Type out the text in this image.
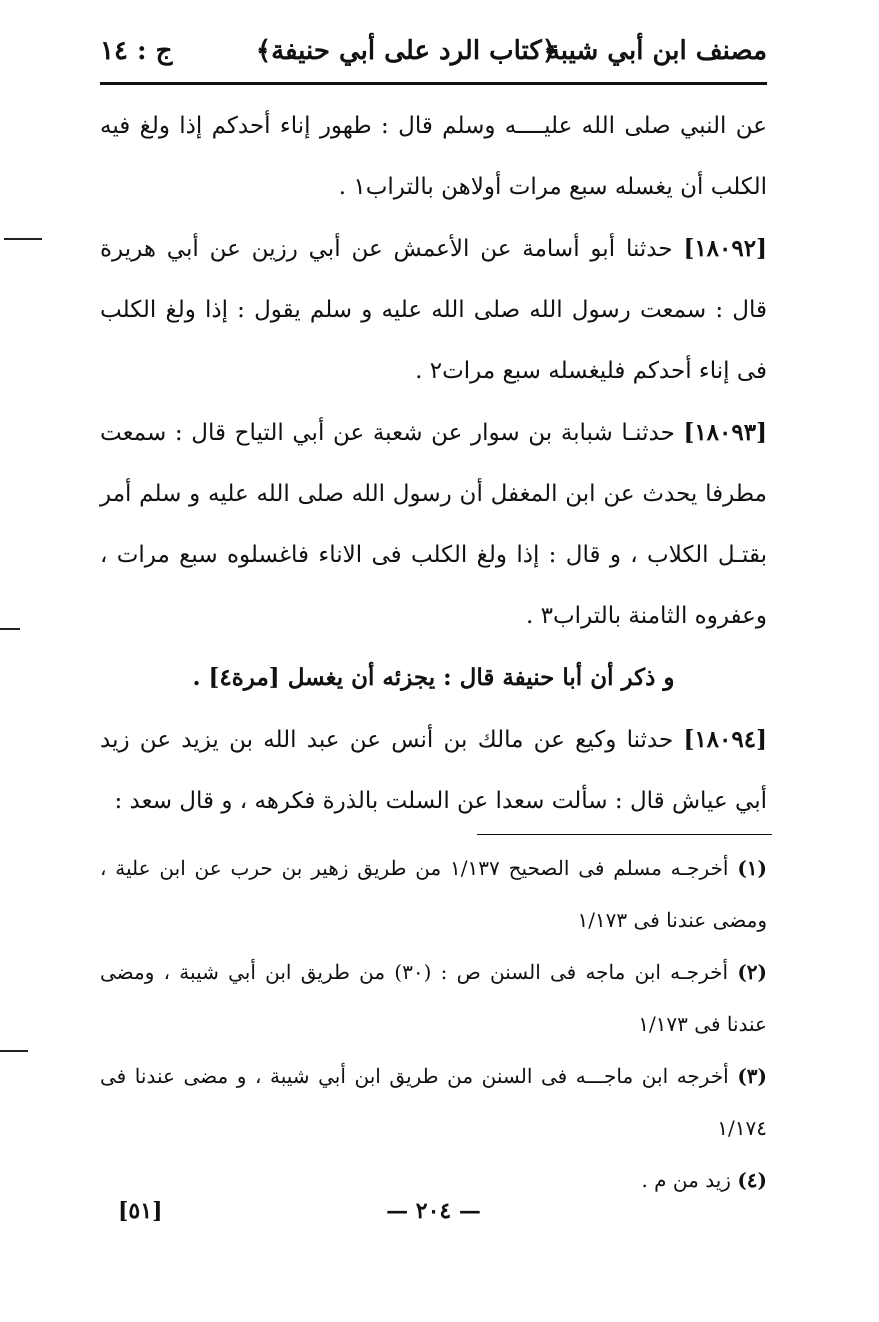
مصنف ابن أبي شيبة
﴿كتاب الرد على أبي حنيفة﴾
ج : ١٤

عن النبي صلى الله عليــــه وسلم قال : طهور إناء أحدكم إذا ولغ فيه الكلب أن يغسله سبع مرات أولاهن بالتراب١ .

[١٨٠٩٢] حدثنا أبو أسامة عن الأعمش عن أبي رزين عن أبي هريرة قال : سمعت رسول الله صلى الله عليه و سلم يقول : إذا ولغ الكلب فى إناء أحدكم فليغسله سبع مرات٢ .

[١٨٠٩٣] حدثنـا شبابة بن سوار عن شعبة عن أبي التياح قال : سمعت مطرفا يحدث عن ابن المغفل أن رسول الله صلى الله عليه و سلم أمر بقتـل الكلاب ، و قال : إذا ولغ الكلب فى الاناء فاغسلوه سبع مرات ، وعفروه الثامنة بالتراب٣ .

و ذكر أن أبا حنيفة قال : يجزئه أن يغسل [مرة٤] .

[١٨٠٩٤] حدثنا وكيع عن مالك بن أنس عن عبد الله بن يزيد عن زيد أبي عياش قال : سألت سعدا عن السلت بالذرة فكرهه ، و قال سعد :

(١) أخرجـه مسلم فى الصحيح ١/١٣٧ من طريق زهير بن حرب عن ابن علية ، ومضى عندنا فى ١/١٧٣

(٢) أخرجـه ابن ماجه فى السنن ص : (٣٠) من طريق ابن أبي شيبة ، ومضى عندنا فى ١/١٧٣

(٣) أخرجه ابن ماجـــه فى السنن من طريق ابن أبي شيبة ، و مضى عندنا فى ١/١٧٤

(٤) زيد من م .

[٥١]	— ٢٠٤ —
